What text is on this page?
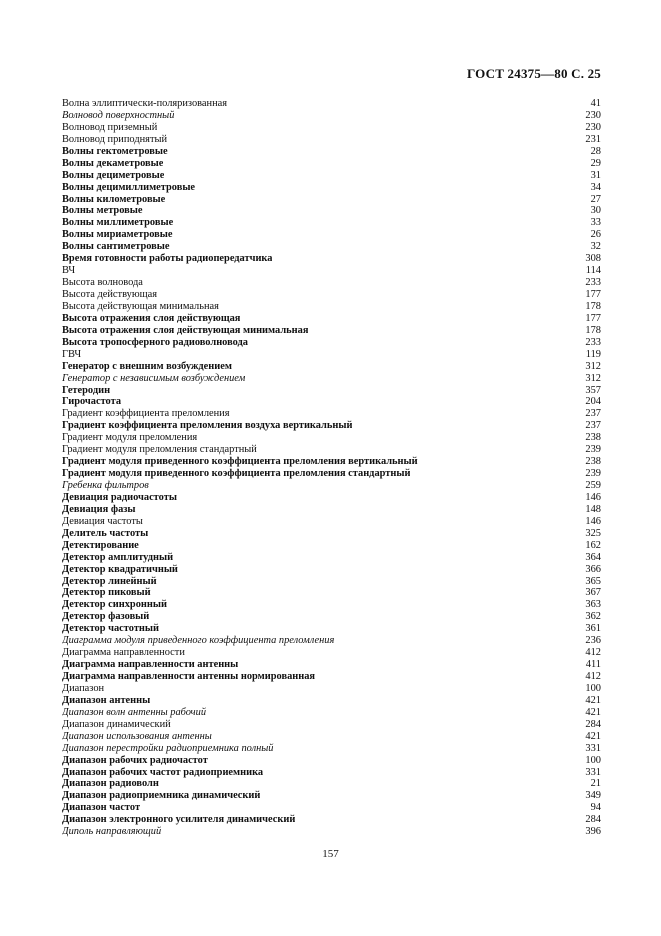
ГОСТ 24375—80 С. 25
Волна эллиптически-поляризованная	41
Волновод поверхностный	230
Волновод приземный	230
Волновод приподнятый	231
Волны гектометровые	28
Волны декаметровые	29
Волны дециметровые	31
Волны децимиллиметровые	34
Волны километровые	27
Волны метровые	30
Волны миллиметровые	33
Волны мириаметровые	26
Волны сантиметровые	32
Время готовности работы радиопередатчика	308
ВЧ	114
Высота волновода	233
Высота действующая	177
Высота действующая минимальная	178
Высота отражения слоя действующая	177
Высота отражения слоя действующая минимальная	178
Высота тропосферного радиоволновода	233
ГВЧ	119
Генератор с внешним возбуждением	312
Генератор с независимым возбуждением	312
Гетеродин	357
Гирочастота	204
Градиент коэффициента преломления	237
Градиент коэффициента преломления воздуха вертикальный	237
Градиент модуля преломления	238
Градиент модуля преломления стандартный	239
Градиент модуля приведенного коэффициента преломления вертикальный	238
Градиент модуля приведенного коэффициента преломления стандартный	239
Гребенка фильтров	259
Девиация радиочастоты	146
Девиация фазы	148
Девиация частоты	146
Делитель частоты	325
Детектирование	162
Детектор амплитудный	364
Детектор квадратичный	366
Детектор линейный	365
Детектор пиковый	367
Детектор синхронный	363
Детектор фазовый	362
Детектор частотный	361
Диаграмма модуля приведенного коэффициента преломления	236
Диаграмма направленности	412
Диаграмма направленности антенны	411
Диаграмма направленности антенны нормированная	412
Диапазон	100
Диапазон антенны	421
Диапазон волн антенны рабочий	421
Диапазон динамический	284
Диапазон использования антенны	421
Диапазон перестройки радиоприемника полный	331
Диапазон рабочих радиочастот	100
Диапазон рабочих частот радиоприемника	331
Диапазон радиоволн	21
Диапазон радиоприемника динамический	349
Диапазон частот	94
Диапазон электронного усилителя динамический	284
Диполь направляющий	396
157
